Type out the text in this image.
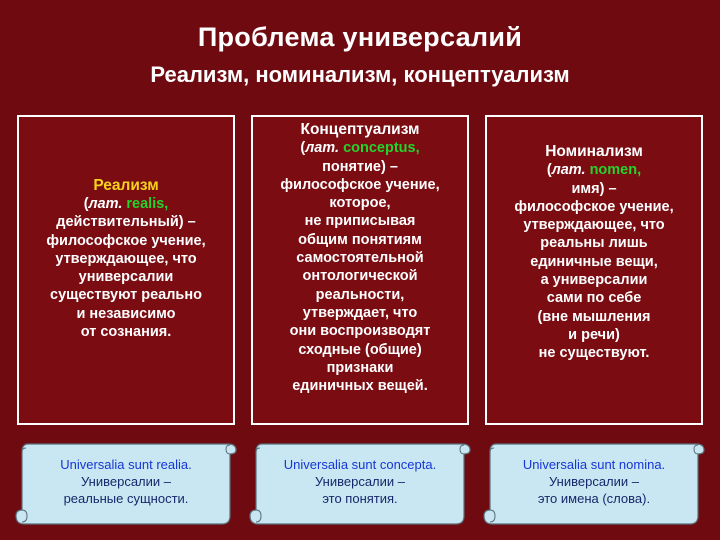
Проблема универсалий
Реализм, номинализм, концептуализм
Реализм
(лат. realis,
действительный) –
философское учение,
утверждающее, что
универсалии
существуют реально
и независимо
от сознания.
Концептуализм
(лат. conceptus,
понятие) –
философское учение,
которое,
не приписывая
общим понятиям
самостоятельной
онтологической
реальности,
утверждает, что
они воспроизводят
сходные (общие)
признаки
единичных вещей.
Номинализм
(лат. nomen,
имя) –
философское учение,
утверждающее, что
реальны лишь
единичные вещи,
а универсалии
сами по себе
(вне мышления
и речи)
не существуют.
Universalia sunt realia.
Универсалии –
реальные сущности.
Universalia sunt concepta.
Универсалии –
это понятия.
Universalia sunt nomina.
Универсалии –
это имена (слова).
